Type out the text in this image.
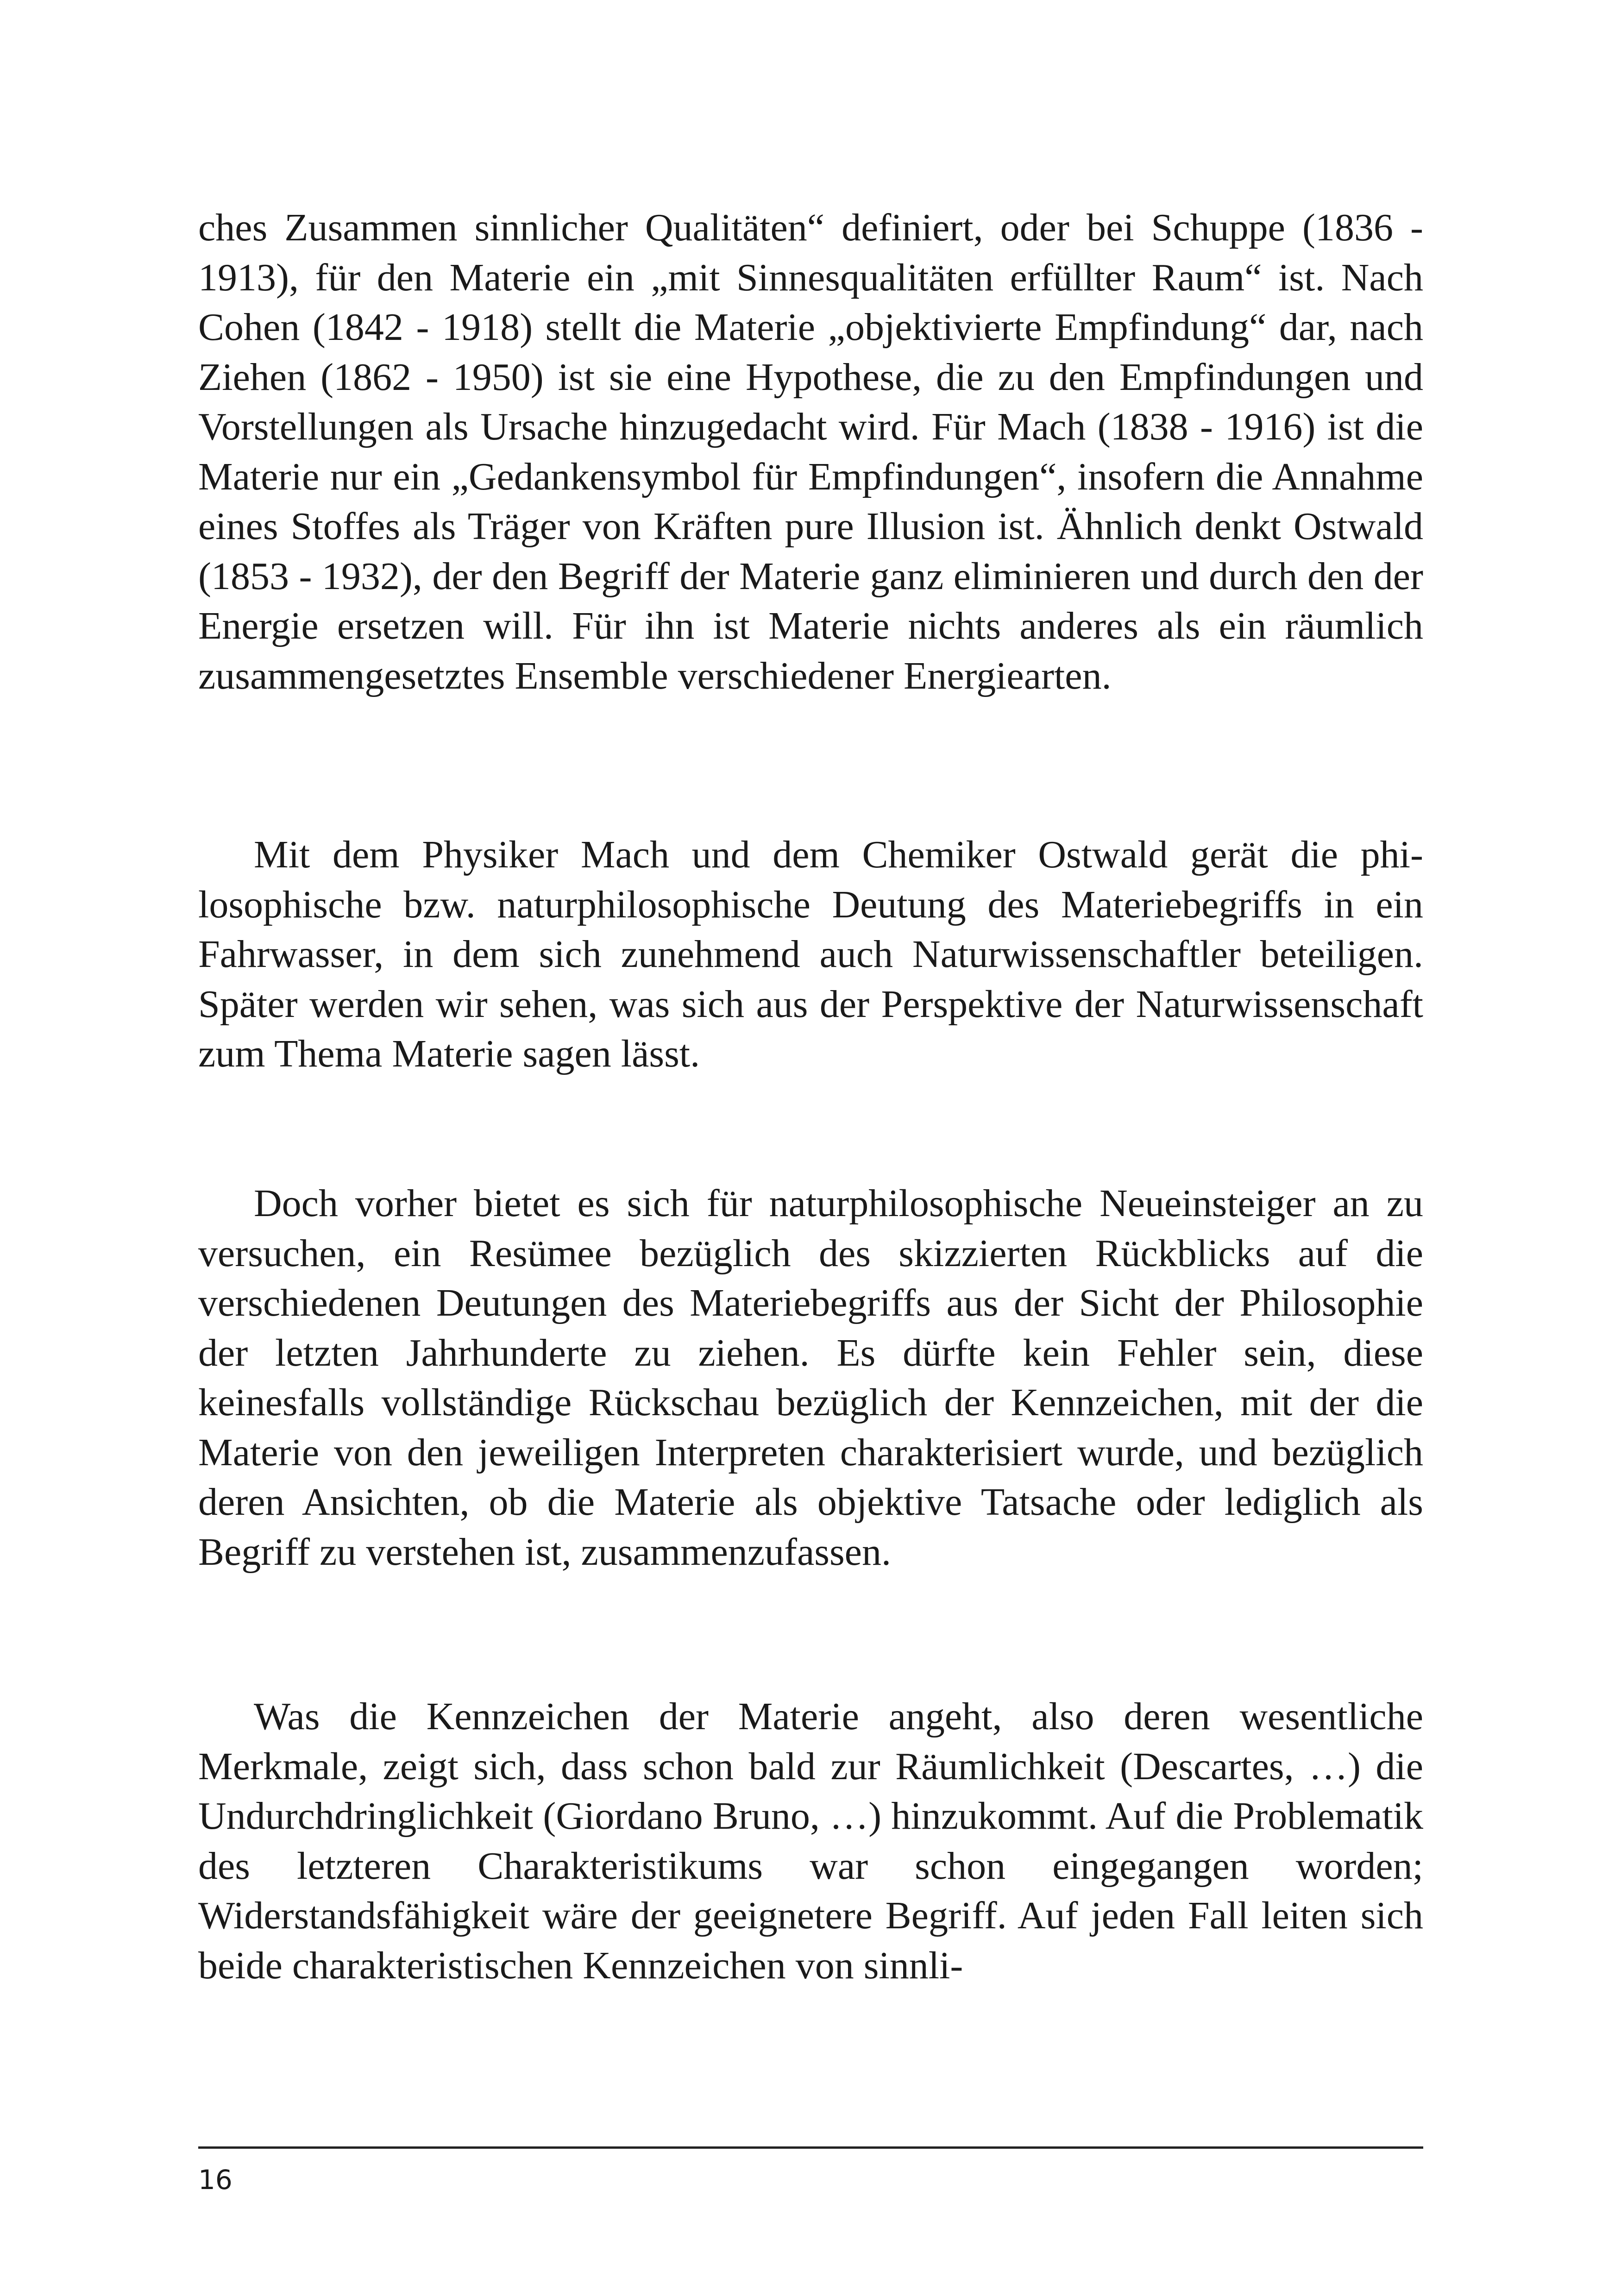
ches Zusammen sinnlicher Qualitäten“ definiert, oder bei Schuppe (1836 - 1913), für den Materie ein „mit Sinnesqualitäten erfüllter Raum“ ist. Nach Cohen (1842 - 1918) stellt die Materie „objektivierte Empfindung“ dar, nach Ziehen (1862 - 1950) ist sie eine Hypothese, die zu den Empfindungen und Vorstellungen als Ursache hinzugedacht wird. Für Mach (1838 - 1916) ist die Materie nur ein „Gedankensymbol für Empfindungen“, insofern die Annahme eines Stoffes als Träger von Kräften pure Illusion ist. Ähnlich denkt Ostwald (1853 - 1932), der den Begriff der Materie ganz eliminieren und durch den der Energie ersetzen will. Für ihn ist Materie nichts anderes als ein räumlich zusammengesetztes Ensemble verschiedener Energiearten.

Mit dem Physiker Mach und dem Chemiker Ostwald gerät die philosophische bzw. naturphilosophische Deutung des Materiebegriffs in ein Fahrwasser, in dem sich zunehmend auch Naturwissenschaftler beteiligen. Später werden wir sehen, was sich aus der Perspektive der Naturwissenschaft zum Thema Materie sagen lässt.

Doch vorher bietet es sich für naturphilosophische Neueinsteiger an zu versuchen, ein Resümee bezüglich des skizzierten Rückblicks auf die verschiedenen Deutungen des Materiebegriffs aus der Sicht der Philosophie der letzten Jahrhunderte zu ziehen. Es dürfte kein Fehler sein, diese keinesfalls vollständige Rückschau bezüglich der Kennzeichen, mit der die Materie von den jeweiligen Interpreten charakterisiert wurde, und bezüglich deren Ansichten, ob die Materie als objektive Tatsache oder lediglich als Begriff zu verstehen ist, zusammenzufassen.

Was die Kennzeichen der Materie angeht, also deren wesentliche Merkmale, zeigt sich, dass schon bald zur Räumlichkeit (Descartes, …) die Undurchdringlichkeit (Giordano Bruno, …) hinzukommt. Auf die Problematik des letzteren Charakteristikums war schon eingegangen worden; Widerstandsfähigkeit wäre der geeignetere Begriff. Auf jeden Fall leiten sich beide charakteristischen Kennzeichen von sinnli-

16
